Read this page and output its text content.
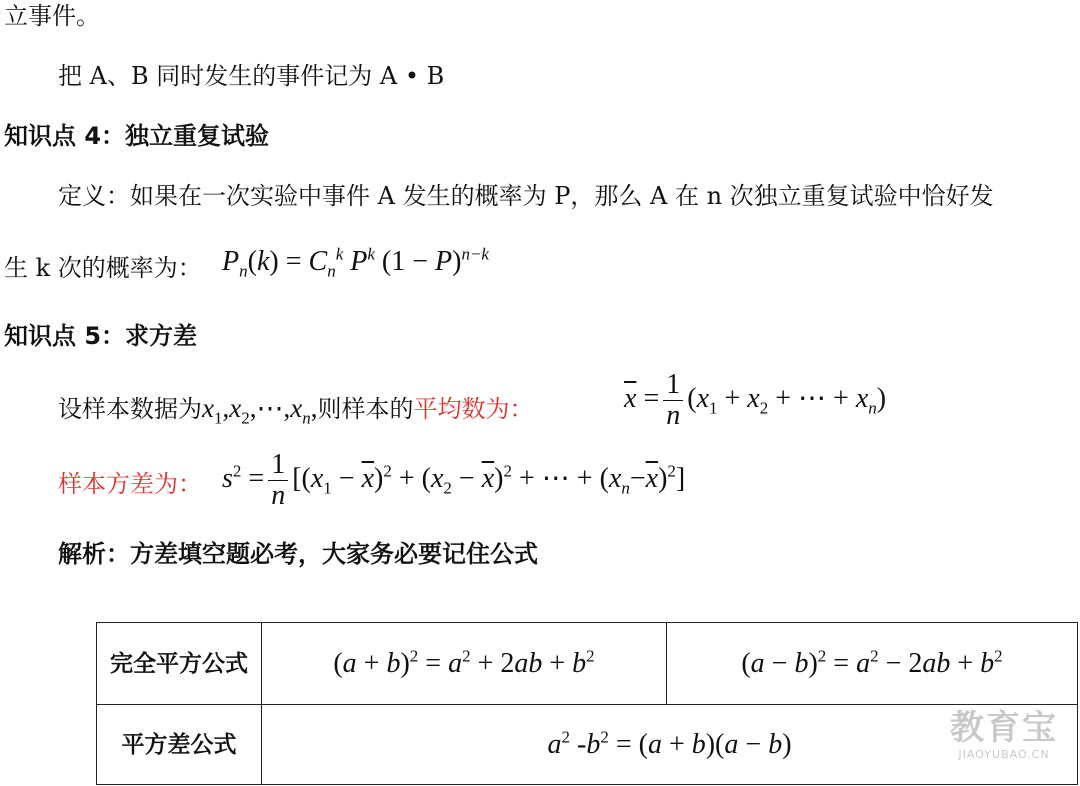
立事件。
把 A、B 同时发生的事件记为 A • B
知识点 4：独立重复试验
定义：如果在一次实验中事件 A 发生的概率为 P，那么 A 在 n 次独立重复试验中恰好发
生 k 次的概率为： $P_n(k) = C_n^k$ $P^k$ $(1 - P)^{n-k}$
知识点 5：求方差
设样本数据为$x_1,x_2,\cdots,x_n$,则样本的平均数为：	$\overline{x} = \frac{1}{n} (x_1 + x_2$ + ⋯ + $x_n$)
样本方差为： $s^2 = \frac{1}{n} [(x_1 - \overline{x})^2 + (x_2 - \overline{x})^2$ + ⋯ + $(x_n-\overline{x})^2$]
解析：方差填空题必考，大家务必要记住公式
完全平方公式	$(a + b)^2 = a^2 + 2ab + b^2$	$(a - b)^2 = a^2 - 2ab + b^2$
平方差公式	$a^2$ $-b^2 = (a + b)(a - b)$		教育宝
JIAOYUBAO.CN
